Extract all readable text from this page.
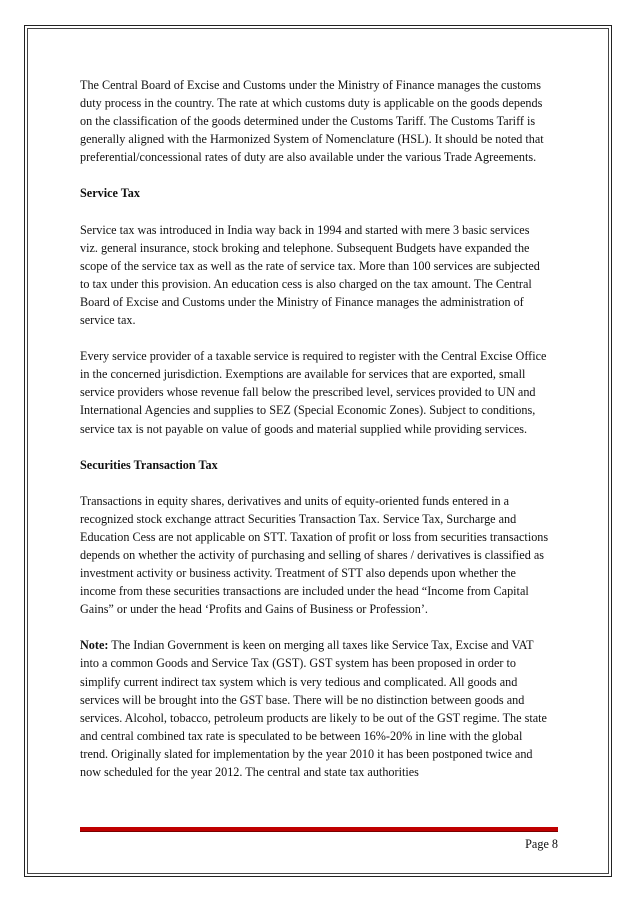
The Central Board of Excise and Customs under the Ministry of Finance manages the customs duty process in the country. The rate at which customs duty is applicable on the goods depends on the classification of the goods determined under the Customs Tariff. The Customs Tariff is generally aligned with the Harmonized System of Nomenclature (HSL). It should be noted that preferential/concessional rates of duty are also available under the various Trade Agreements.

Service Tax

Service tax was introduced in India way back in 1994 and started with mere 3 basic services viz. general insurance, stock broking and telephone. Subsequent Budgets have expanded the scope of the service tax as well as the rate of service tax. More than 100 services are subjected to tax under this provision. An education cess is also charged on the tax amount. The Central Board of Excise and Customs under the Ministry of Finance manages the administration of service tax.

Every service provider of a taxable service is required to register with the Central Excise Office in the concerned jurisdiction. Exemptions are available for services that are exported, small service providers whose revenue fall below the prescribed level, services provided to UN and International Agencies and supplies to SEZ (Special Economic Zones). Subject to conditions, service tax is not payable on value of goods and material supplied while providing services.

Securities Transaction Tax

Transactions in equity shares, derivatives and units of equity-oriented funds entered in a recognized stock exchange attract Securities Transaction Tax. Service Tax, Surcharge and Education Cess are not applicable on STT. Taxation of profit or loss from securities transactions depends on whether the activity of purchasing and selling of shares / derivatives is classified as investment activity or business activity. Treatment of STT also depends upon whether the income from these securities transactions are included under the head “Income from Capital Gains” or under the head ‘Profits and Gains of Business or Profession’.

Note: The Indian Government is keen on merging all taxes like Service Tax, Excise and VAT into a common Goods and Service Tax (GST). GST system has been proposed in order to simplify current indirect tax system which is very tedious and complicated. All goods and services will be brought into the GST base. There will be no distinction between goods and services. Alcohol, tobacco, petroleum products are likely to be out of the GST regime. The state and central combined tax rate is speculated to be between 16%-20% in line with the global trend. Originally slated for implementation by the year 2010 it has been postponed twice and now scheduled for the year 2012. The central and state tax authorities

Page 8
